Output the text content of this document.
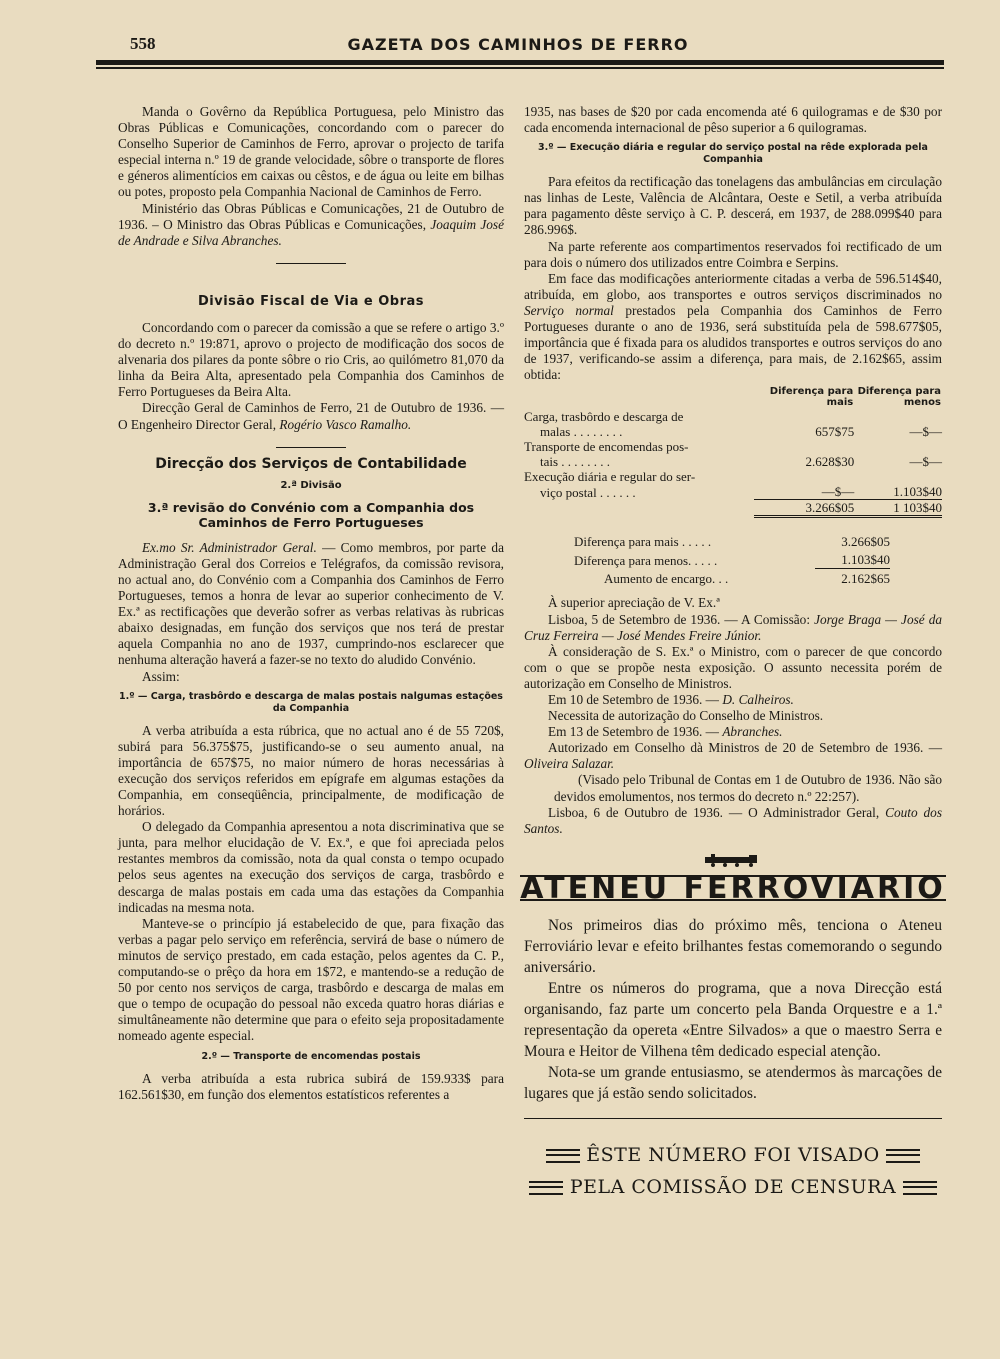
558	GAZETA DOS CAMINHOS DE FERRO

Manda o Govêrno da República Portuguesa, pelo Ministro das Obras Públicas e Comunicações, concordando com o parecer do Conselho Superior de Caminhos de Ferro, aprovar o projecto de tarifa especial interna n.º 19 de grande velocidade, sôbre o transporte de flores e géneros alimentícios em caixas ou cêstos, e de água ou leite em bilhas ou potes, proposto pela Companhia Nacional de Caminhos de Ferro.

Ministério das Obras Públicas e Comunicações, 21 de Outubro de 1936. – O Ministro das Obras Públicas e Comunicações, Joaquim José de Andrade e Silva Abranches.

Divisão Fiscal de Via e Obras

Concordando com o parecer da comissão a que se refere o artigo 3.º do decreto n.º 19:871, aprovo o projecto de modificação dos socos de alvenaria dos pilares da ponte sôbre o rio Cris, ao quilómetro 81,070 da linha da Beira Alta, apresentado pela Companhia dos Caminhos de Ferro Portugueses da Beira Alta.

Direcção Geral de Caminhos de Ferro, 21 de Outubro de 1936. — O Engenheiro Director Geral, Rogério Vasco Ramalho.

Direcção dos Serviços de Contabilidade
2.ª Divisão
3.ª revisão do Convénio com a Companhia dos Caminhos de Ferro Portugueses

Ex.mo Sr. Administrador Geral. — Como membros, por parte da Administração Geral dos Correios e Telégrafos, da comissão revisora, no actual ano, do Convénio com a Companhia dos Caminhos de Ferro Portugueses, temos a honra de levar ao superior conhecimento de V. Ex.ª as rectificações que deverão sofrer as verbas relativas às rubricas abaixo designadas, em função dos serviços que nos terá de prestar aquela Companhia no ano de 1937, cumprindo-nos esclarecer que nenhuma alteração haverá a fazer-se no texto do aludido Convénio.

Assim:

1.º — Carga, trasbôrdo e descarga de malas postais nalgumas estações da Companhia

A verba atribuída a esta rúbrica, que no actual ano é de 55 720$, subirá para 56.375$75, justificando-se o seu aumento anual, na importância de 657$75, no maior número de horas necessárias à execução dos serviços referidos em epígrafe em algumas estações da Companhia, em conseqüência, principalmente, de modificação de horários.

O delegado da Companhia apresentou a nota discriminativa que se junta, para melhor elucidação de V. Ex.ª, e que foi apreciada pelos restantes membros da comissão, nota da qual consta o tempo ocupado pelos seus agentes na execução dos serviços de carga, trasbôrdo e descarga de malas postais em cada uma das estações da Companhia indicadas na mesma nota.

Manteve-se o princípio já estabelecido de que, para fixação das verbas a pagar pelo serviço em referência, servirá de base o número de minutos de serviço prestado, em cada estação, pelos agentes da C. P., computando-se o prêço da hora em 1$72, e mantendo-se a redução de 50 por cento nos serviços de carga, trasbôrdo e descarga de malas em que o tempo de ocupação do pessoal não exceda quatro horas diárias e simultâneamente não determine que para o efeito seja propositadamente nomeado agente especial.

2.º — Transporte de encomendas postais

A verba atribuída a esta rubrica subirá de 159.933$ para 162.561$30, em função dos elementos estatísticos referentes a

1935, nas bases de $20 por cada encomenda até 6 quilogramas e de $30 por cada encomenda internacional de pêso superior a 6 quilogramas.

3.º — Execução diária e regular do serviço postal na rêde explorada pela Companhia

Para efeitos da rectificação das tonelagens das ambulâncias em circulação nas linhas de Leste, Valência de Alcântara, Oeste e Setil, a verba atribuída para pagamento dêste serviço à C. P. descerá, em 1937, de 288.099$40 para 286.996$.

Na parte referente aos compartimentos reservados foi rectificado de um para dois o número dos utilizados entre Coimbra e Serpins.

Em face das modificações anteriormente citadas a verba de 596.514$40, atribuída, em globo, aos transportes e outros serviços discriminados no Serviço normal prestados pela Companhia dos Caminhos de Ferro Portugueses durante o ano de 1936, será substituída pela de 598.677$05, importância que é fixada para os aludidos transportes e outros serviços do ano de 1937, verificando-se assim a diferença, para mais, de 2.162$65, assim obtida:

	Diferença para mais	Diferença para menos
Carga, trasbôrdo e descarga de		
malas . . . . . . . .	657$75	—$—
Transporte de encomendas pos-		
tais . . . . . . . .	2.628$30	—$—
Execução diária e regular do ser-		
viço postal . . . . . .	—$—	1.103$40
	3.266$05	1 103$40
Diferença para mais . . . . .	3.266$05
Diferença para menos. . . . .	1.103$40
Aumento de encargo. . .	2.162$65

À superior apreciação de V. Ex.ª

Lisboa, 5 de Setembro de 1936. — A Comissão: Jorge Braga — José da Cruz Ferreira — José Mendes Freire Júnior.

À consideração de S. Ex.ª o Ministro, com o parecer de que concordo com o que se propõe nesta exposição. O assunto necessita porém de autorização em Conselho de Ministros.

Em 10 de Setembro de 1936. — D. Calheiros.

Necessita de autorização do Conselho de Ministros.

Em 13 de Setembro de 1936. — Abranches.

Autorizado em Conselho dà Ministros de 20 de Setembro de 1936. — Oliveira Salazar.

(Visado pelo Tribunal de Contas em 1 de Outubro de 1936. Não são devidos emolumentos, nos termos do decreto n.º 22:257).

Lisboa, 6 de Outubro de 1936. — O Administrador Geral, Couto dos Santos.

ATENEU FERROVIARIO

Nos primeiros dias do próximo mês, tenciona o Ateneu Ferroviário levar e efeito brilhantes festas comemorando o segundo aniversário.

Entre os números do programa, que a nova Direcção está organisando, faz parte um concerto pela Banda Orquestre e a 1.ª representação da opereta «Entre Silvados» a que o maestro Serra e Moura e Heitor de Vilhena têm dedicado especial atenção.

Nota-se um grande entusiasmo, se atendermos às marcações de lugares que já estão sendo solicitados.

ÊSTE NÚMERO FOI VISADO
PELA COMISSÃO DE CENSURA
